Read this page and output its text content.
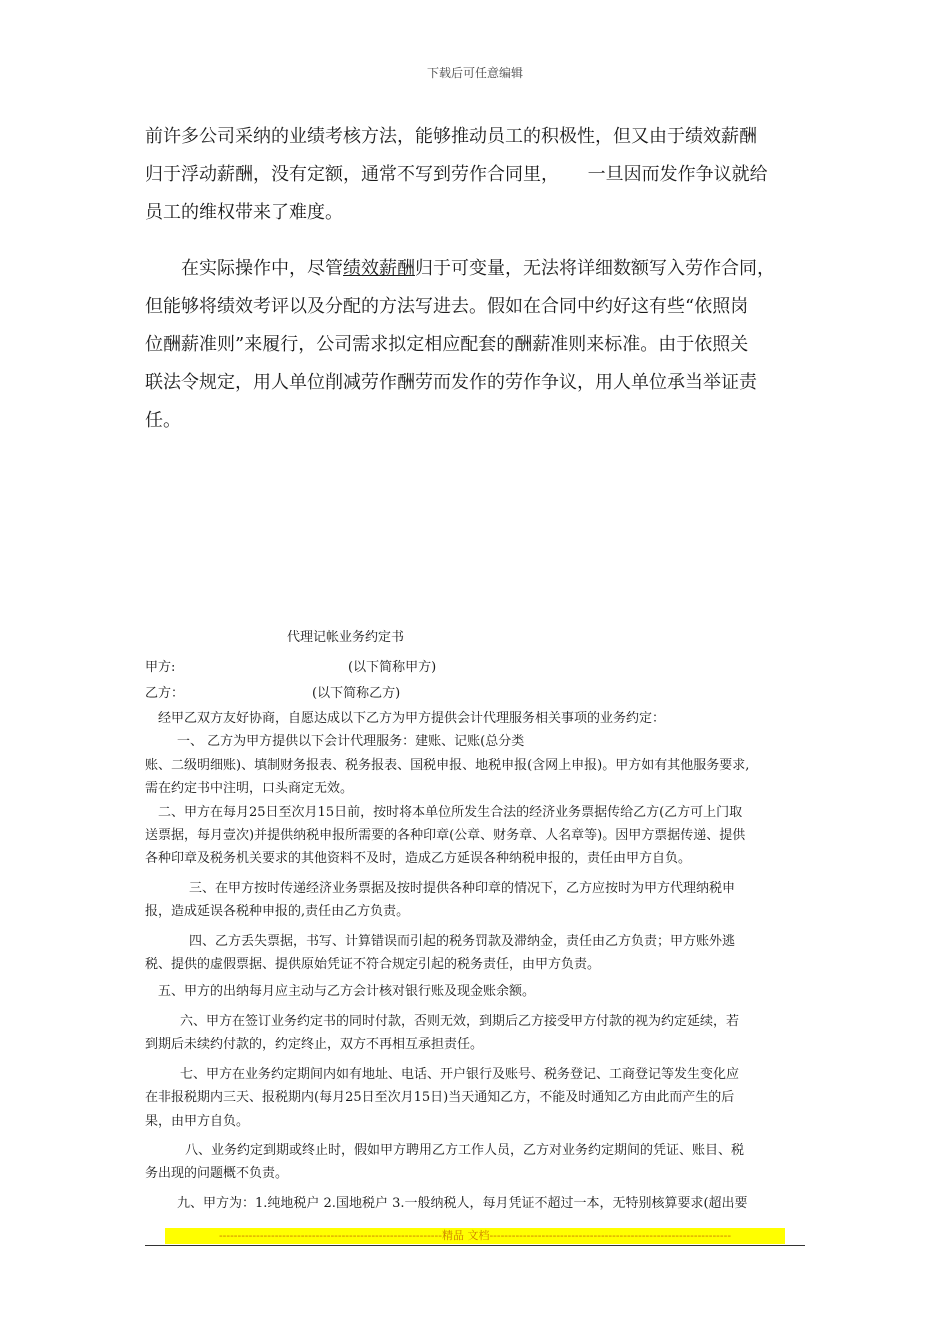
下载后可任意编辑

前许多公司采纳的业绩考核方法，能够推动员工的积极性，但又由于绩效薪酬

归于浮动薪酬，没有定额，通常不写到劳作合同里，     一旦因而发作争议就给

员工的维权带来了难度。

在实际操作中，尽管绩效薪酬归于可变量，无法将详细数额写入劳作合同，

但能够将绩效考评以及分配的方法写进去。假如在合同中约好这有些“依照岗

位酬薪准则”来履行，公司需求拟定相应配套的酬薪准则来标准。由于依照关

联法令规定，用人单位削减劳作酬劳而发作的劳作争议，用人单位承当举证责

任。

代理记帐业务约定书
甲方:	(以下简称甲方)
乙方：	(以下简称乙方)

经甲乙双方友好协商，自愿达成以下乙方为甲方提供会计代理服务相关事项的业务约定：

一、 乙方为甲方提供以下会计代理服务：建账、记账(总分类

账、二级明细账)、填制财务报表、税务报表、国税申报、地税申报(含网上申报)。甲方如有其他服务要求,

需在约定书中注明，口头商定无效。

二、甲方在每月25日至次月15日前，按时将本单位所发生合法的经济业务票据传给乙方(乙方可上门取

送票据，每月壹次)并提供纳税申报所需要的各种印章(公章、财务章、人名章等)。因甲方票据传递、提供

各种印章及税务机关要求的其他资料不及时，造成乙方延误各种纳税申报的，责任由甲方自负。

三、在甲方按时传递经济业务票据及按时提供各种印章的情况下，乙方应按时为甲方代理纳税申

报，造成延误各税种申报的,责任由乙方负责。

四、乙方丢失票据，书写、计算错误而引起的税务罚款及滞纳金，责任由乙方负责；甲方账外逃

税、提供的虚假票据、提供原始凭证不符合规定引起的税务责任，由甲方负责。

五、甲方的出纳每月应主动与乙方会计核对银行账及现金账余额。

六、甲方在签订业务约定书的同时付款，否则无效，到期后乙方接受甲方付款的视为约定延续，若

到期后未续约付款的，约定终止，双方不再相互承担责任。

七、甲方在业务约定期间内如有地址、电话、开户银行及账号、税务登记、工商登记等发生变化应

在非报税期内三天、报税期内(每月25日至次月15日)当天通知乙方，不能及时通知乙方由此而产生的后

果，由甲方自负。

八、业务约定到期或终止时，假如甲方聘用乙方工作人员，乙方对业务约定期间的凭证、账目、税

务出现的问题概不负责。

九、甲方为：1.纯地税户 2.国地税户 3.一般纳税人，每月凭证不超过一本，无特别核算要求(超出要

------------------------------------------------------------精品 文档-----------------------------------------------------------------
